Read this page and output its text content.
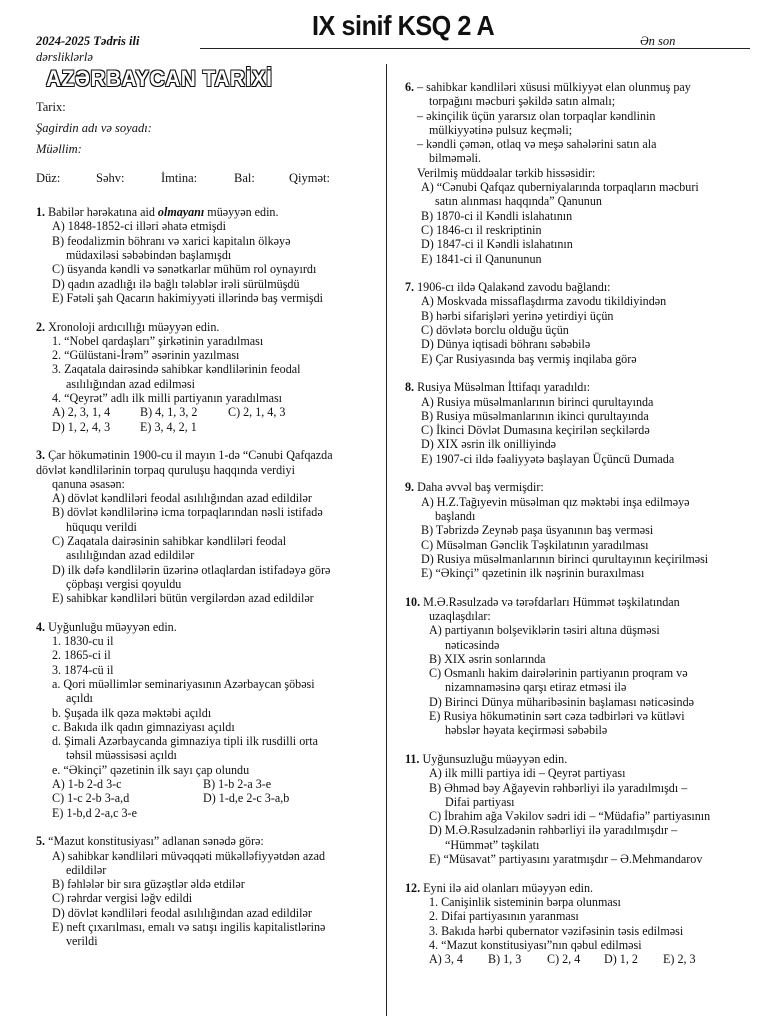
2024-2025 Tədris ili
dərsliklərlə
IX sinif KSQ 2 A	Ən son
AZƏRBAYCAN TARİXİ
Tarix:
Şagirdin adı və soyadı:
Müəllim:
Düz:	Səhv:	İmtina:	Bal:	Qiymət:
1. Babilər hərəkatına aid olmayanı müəyyən edin.
A) 1848-1852-ci illəri əhatə etmişdi
B) feodalizmin böhranı və xarici kapitalın ölkəyə
müdaxiləsi səbəbindən başlamışdı
C) üsyanda kəndli və sənətkarlar mühüm rol oynayırdı
D) qadın azadlığı ilə bağlı tələblər irəli sürülmüşdü
E) Fətəli şah Qacarın hakimiyyəti illərində baş vermişdi
2. Xronoloji ardıcıllığı müəyyən edin.
1. “Nobel qardaşları” şirkətinin yaradılması
2. “Gülüstani-İrəm” əsərinin yazılması
3. Zaqatala dairəsində sahibkar kəndlilərinin feodal
asılılığından azad edilməsi
4. “Qeyrət” adlı ilk milli partiyanın yaradılması
A) 2, 3, 1, 4	B) 4, 1, 3, 2	C) 2, 1, 4, 3
D) 1, 2, 4, 3	E) 3, 4, 2, 1
3. Çar hökumətinin 1900-cu il mayın 1-də “Cənubi Qafqazda
dövlət kəndlilərinin torpaq quruluşu haqqında verdiyi
qanuna əsasən:
A) dövlət kəndliləri feodal asılılığından azad edildilər
B) dövlət kəndlilərinə icma torpaqlarından nəsli istifadə
hüququ verildi
C) Zaqatala dairəsinin sahibkar kəndliləri feodal
asılılığından azad edildilər
D) ilk dəfə kəndlilərin üzərinə otlaqlardan istifadəyə görə
çöpbaşı vergisi qoyuldu
E) sahibkar kəndliləri bütün vergilərdən azad edildilər
4. Uyğunluğu müəyyən edin.
1. 1830-cu il
2. 1865-ci il
3. 1874-cü il
a. Qori müəllimlər seminariyasının Azərbaycan şöbəsi
açıldı
b. Şuşada ilk qəza məktəbi açıldı
c. Bakıda ilk qadın gimnaziyası açıldı
d. Şimali Azərbaycanda gimnaziya tipli ilk rusdilli orta
təhsil müəssisəsi açıldı
e. “Əkinçi” qəzetinin ilk sayı çap olundu
A) 1-b 2-d 3-c	B) 1-b 2-a 3-e
C) 1-c 2-b 3-a,d	D) 1-d,e 2-c 3-a,b
E) 1-b,d 2-a,c 3-e
5. “Mazut konstitusiyası” adlanan sənədə görə:
A) sahibkar kəndliləri müvəqqəti mükəlləfiyyətdən azad
edildilər
B) fəhlələr bir sıra güzəştlər əldə etdilər
C) rəhrdar vergisi ləğv edildi
D) dövlət kəndliləri feodal asılılığından azad edildilər
E) neft çıxarılması, emalı və satışı ingilis kapitalistlərinə
verildi
6. – sahibkar kəndliləri xüsusi mülkiyyət elan olunmuş pay
torpağını məcburi şəkildə satın almalı;
– əkinçilik üçün yararsız olan torpaqlar kəndlinin
mülkiyyətinə pulsuz keçməli;
– kəndli çəmən, otlaq və meşə sahələrini satın ala
bilməməli.
Verilmiş müddəalar tərkib hissəsidir:
A) “Cənubi Qafqaz quberniyalarında torpaqların məcburi
satın alınması haqqında” Qanunun
B) 1870-ci il Kəndli islahatının
C) 1846-cı il reskriptinin
D) 1847-ci il Kəndli islahatının
E) 1841-ci il Qanununun
7. 1906-cı ildə Qalakənd zavodu bağlandı:
A) Moskvada missaflaşdırma zavodu tikildiyindən
B) hərbi sifarişləri yerinə yetirdiyi üçün
C) dövlətə borclu olduğu üçün
D) Dünya iqtisadi böhranı səbəbilə
E) Çar Rusiyasında baş vermiş inqilaba görə
8. Rusiya Müsəlman İttifaqı yaradıldı:
A) Rusiya müsəlmanlarının birinci qurultayında
B) Rusiya müsəlmanlarının ikinci qurultayında
C) İkinci Dövlət Dumasına keçirilən seçkilərdə
D) XIX əsrin ilk onilliyində
E) 1907-ci ildə fəaliyyətə başlayan Üçüncü Dumada
9. Daha əvvəl baş vermişdir:
A) H.Z.Tağıyevin müsəlman qız məktəbi inşa edilməyə
başlandı
B) Təbrizdə Zeynəb paşa üsyanının baş verməsi
C) Müsəlman Gənclik Təşkilatının yaradılması
D) Rusiya müsəlmanlarının birinci qurultayının keçirilməsi
E) “Əkinçi” qəzetinin ilk nəşrinin buraxılması
10. M.Ə.Rəsulzadə və tərəfdarları Hümmət təşkilatından
uzaqlaşdılar:
A) partiyanın bolşeviklərin təsiri altına düşməsi
nəticəsində
B) XIX əsrin sonlarında
C) Osmanlı hakim dairələrinin partiyanın proqram və
nizamnaməsinə qarşı etiraz etməsi ilə
D) Birinci Dünya müharibəsinin başlaması nəticəsində
E) Rusiya hökumətinin sərt cəza tədbirləri və kütləvi
həbslər həyata keçirməsi səbəbilə
11. Uyğunsuzluğu müəyyən edin.
A) ilk milli partiya idi – Qeyrət partiyası
B) Əhməd bəy Ağayevin rəhbərliyi ilə yaradılmışdı –
Difai partiyası
C) İbrahim ağa Vəkilov sədri idi – “Müdafiə” partiyasının
D) M.Ə.Rəsulzadənin rəhbərliyi ilə yaradılmışdır –
“Hümmət” təşkilatı
E) “Müsavat” partiyasını yaratmışdır – Ə.Mehmandarov
12. Eyni ilə aid olanları müəyyən edin.
1. Canişinlik sisteminin bərpa olunması
2. Difai partiyasının yaranması
3. Bakıda hərbi qubernator vəzifəsinin təsis edilməsi
4. “Mazut konstitusiyası”nın qəbul edilməsi
A) 3, 4	B) 1, 3	C) 2, 4	D) 1, 2	E) 2, 3
